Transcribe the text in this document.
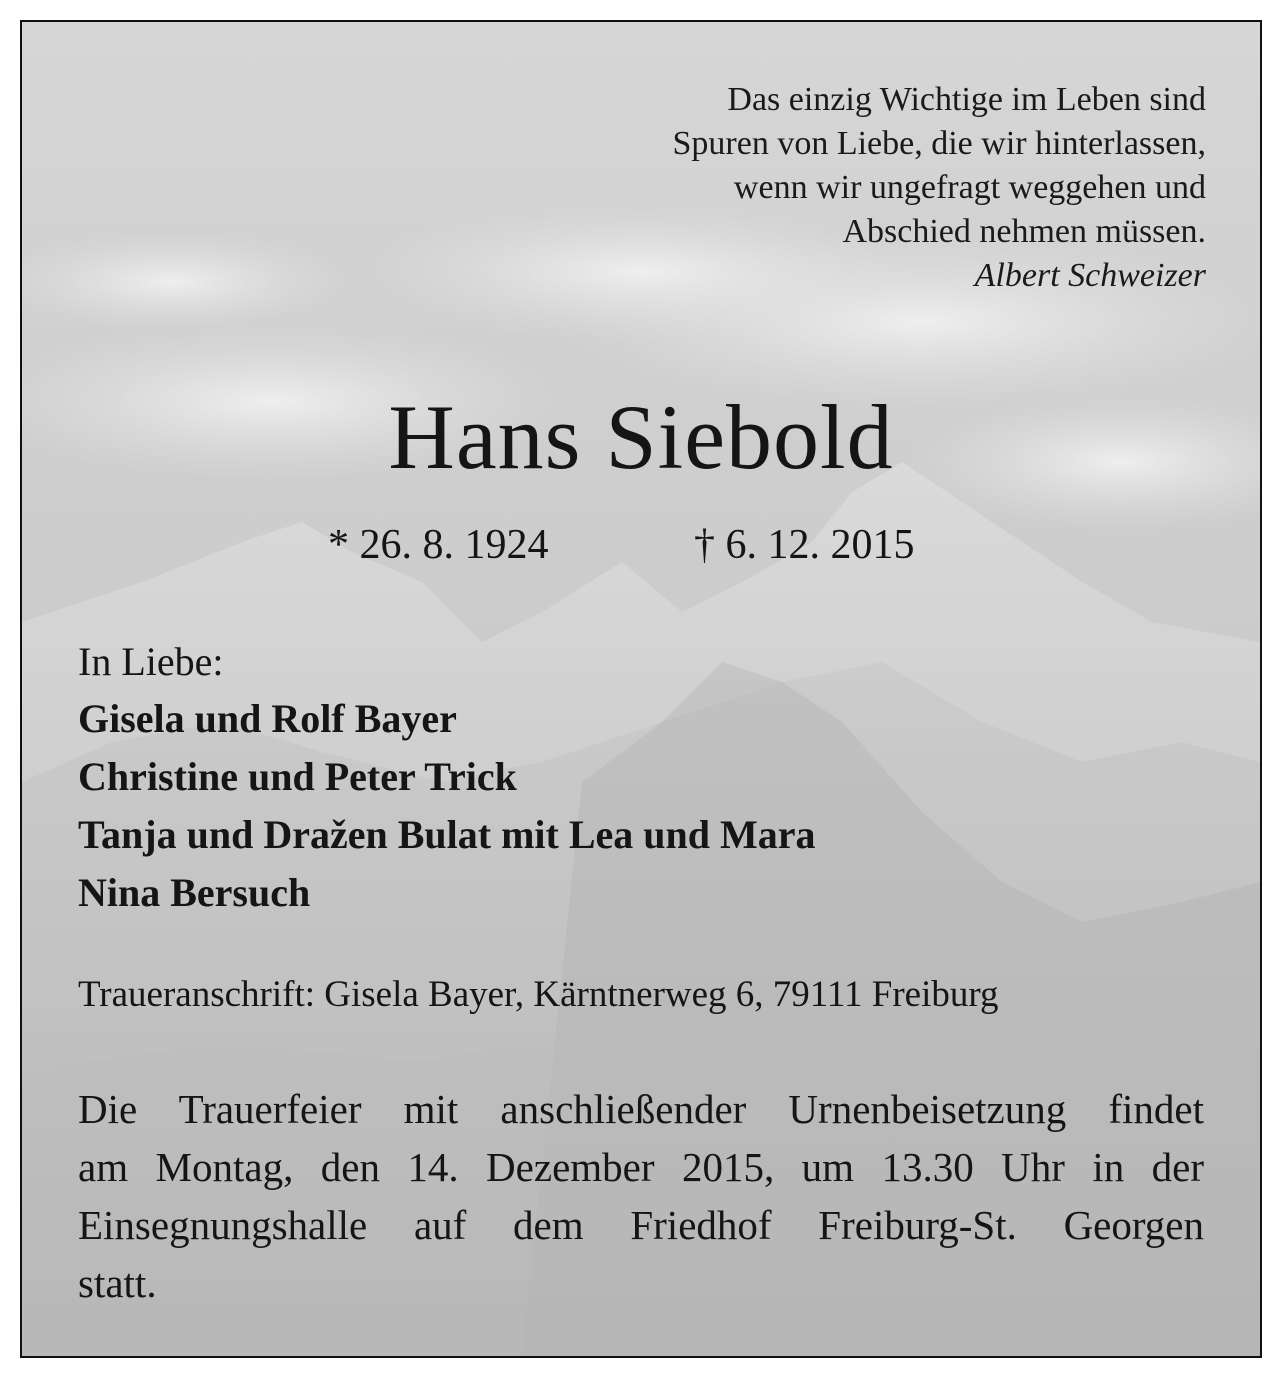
Das einzig Wichtige im Leben sind
Spuren von Liebe, die wir hinterlassen,
wenn wir ungefragt weggehen und
Abschied nehmen müssen.
Albert Schweizer
Hans Siebold
* 26. 8. 1924	† 6. 12. 2015
In Liebe:
Gisela und Rolf Bayer
Christine und Peter Trick
Tanja und Dražen Bulat mit Lea und Mara
Nina Bersuch
Traueranschrift: Gisela Bayer, Kärntnerweg 6, 79111 Freiburg
Die Trauerfeier mit anschließender Urnenbeisetzung findet
am Montag, den 14. Dezember 2015, um 13.30 Uhr in der
Einsegnungshalle auf dem Friedhof Freiburg-St. Georgen
statt.
